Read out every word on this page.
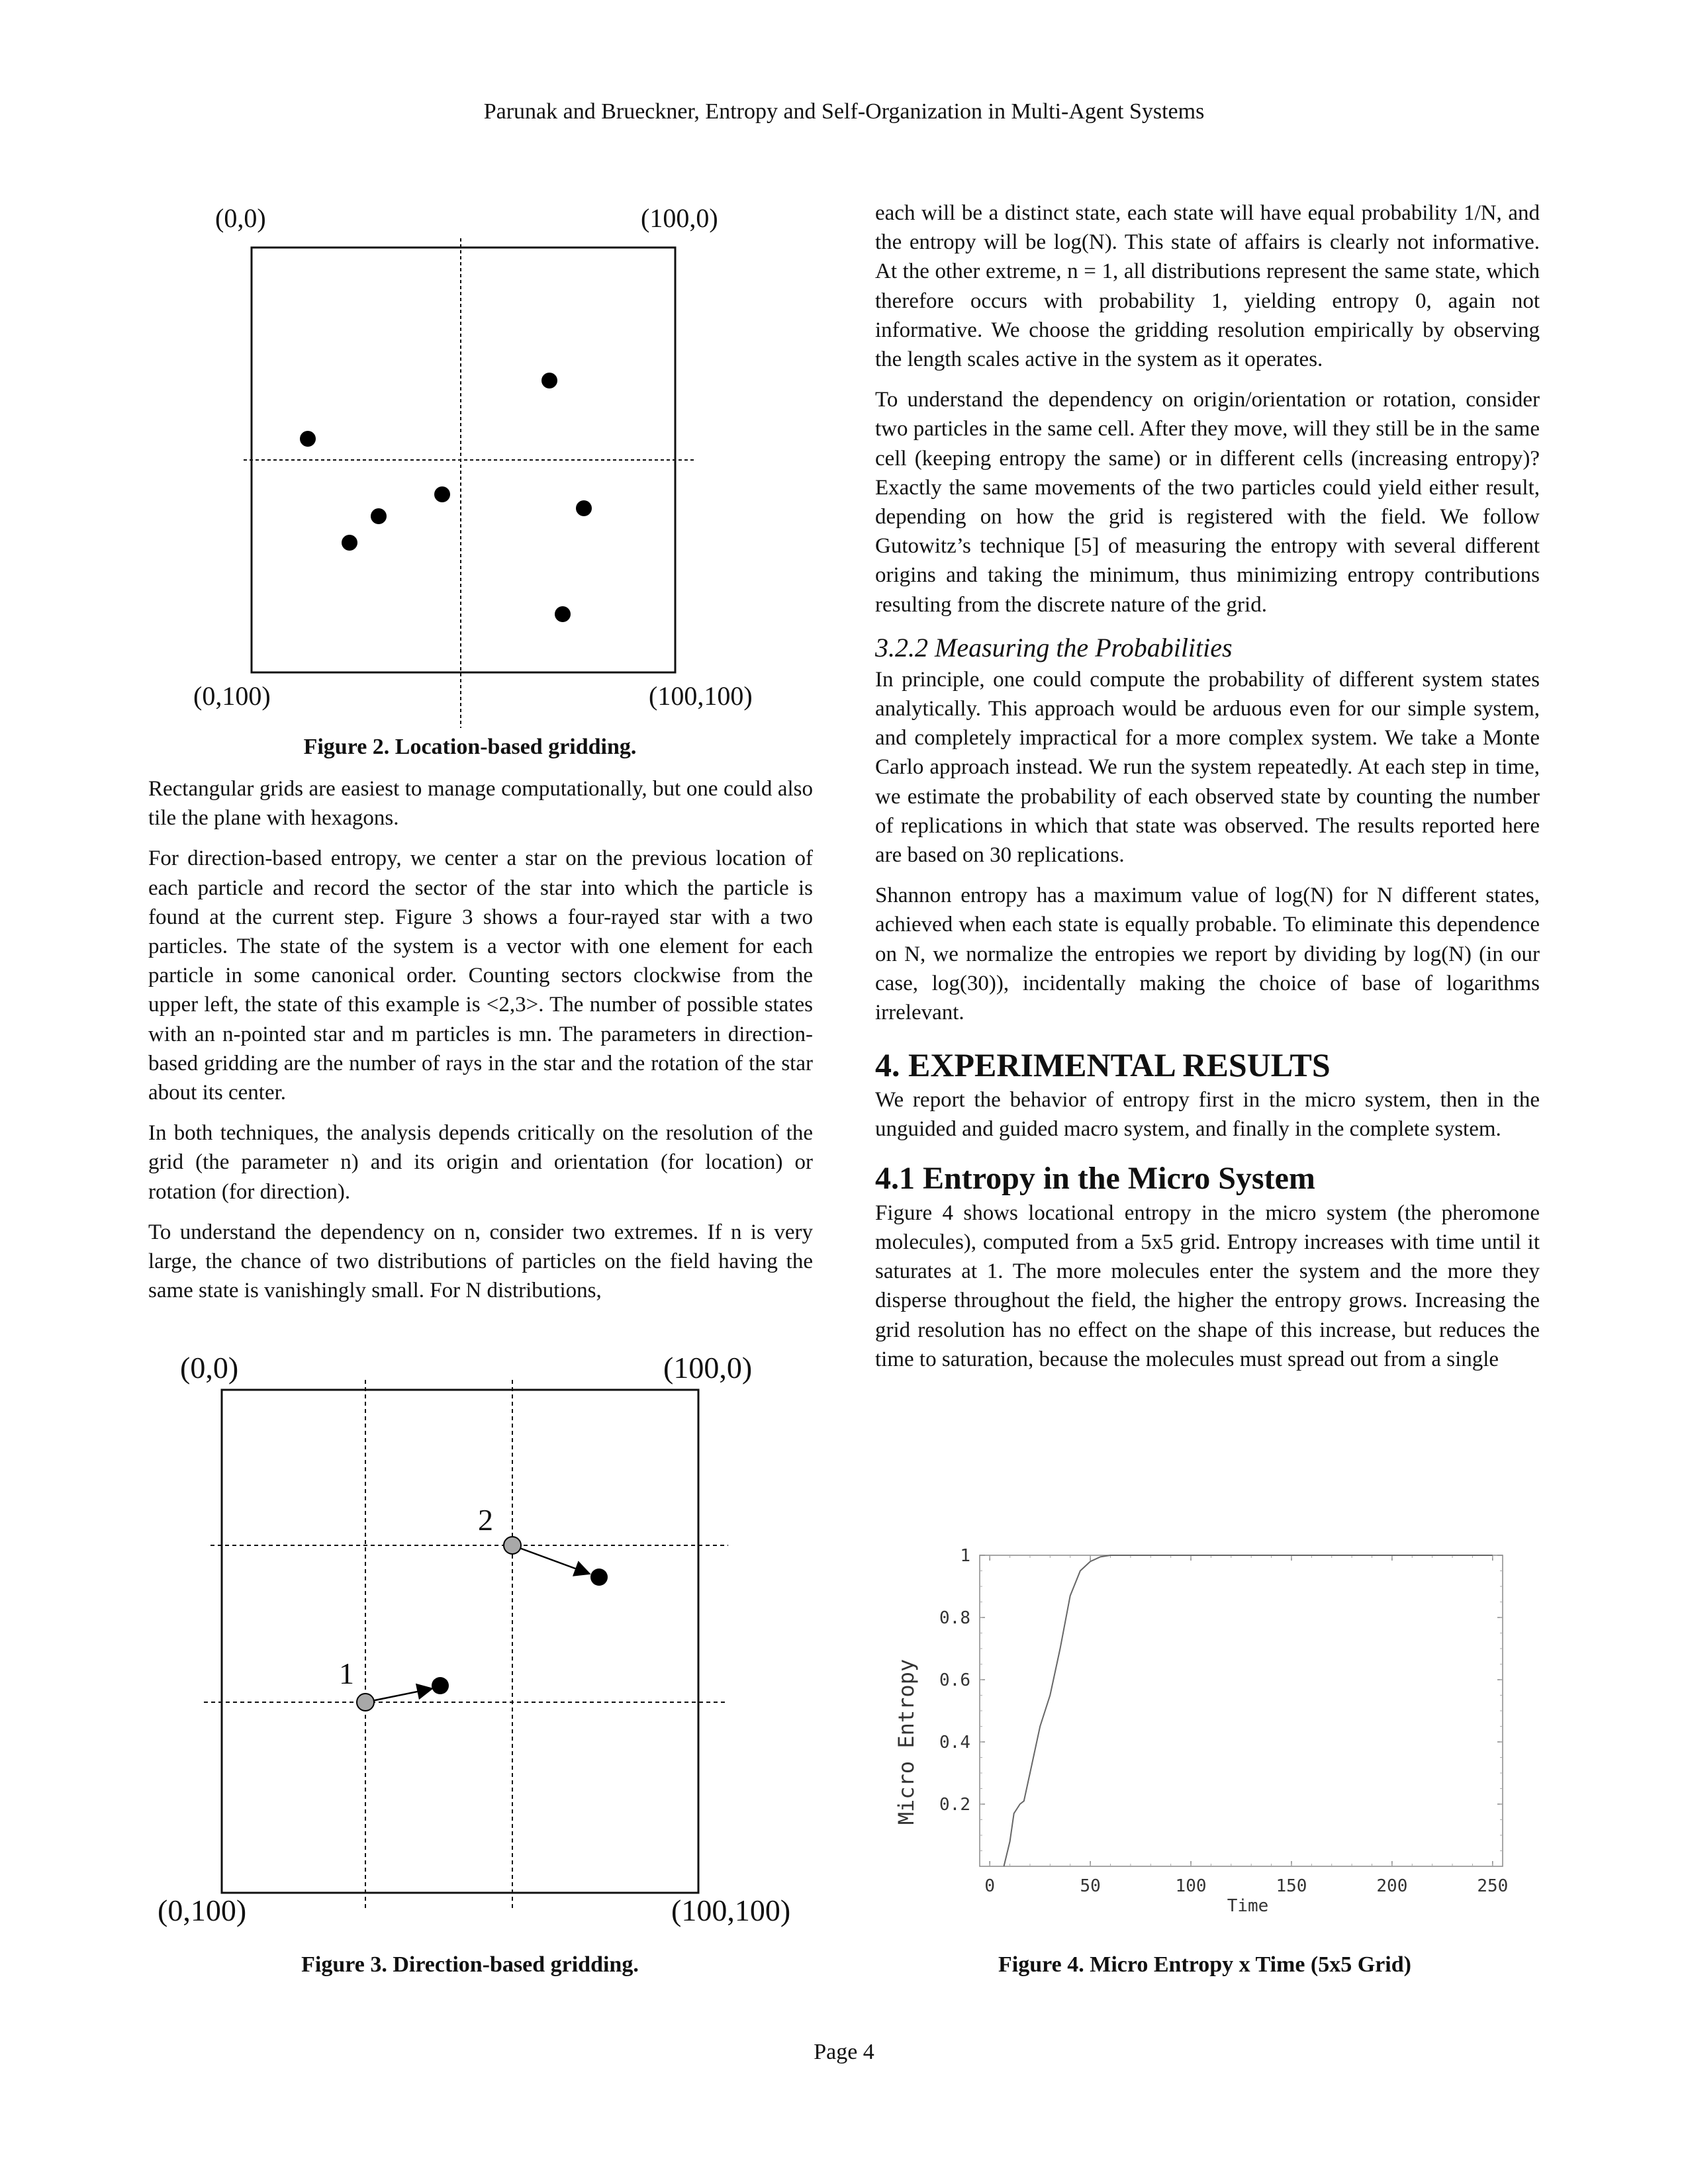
Parunak and Brueckner, Entropy and Self-Organization in Multi-Agent Systems
(0,0)	(100,0)
(0,100)	(100,100)
Figure 2. Location-based gridding.

Rectangular grids are easiest to manage computationally, but one could also tile the plane with hexagons.

For direction-based entropy, we center a star on the previous location of each particle and record the sector of the star into which the particle is found at the current step. Figure 3 shows a four-rayed star with a two particles. The state of the system is a vector with one element for each particle in some canonical order. Counting sectors clockwise from the upper left, the state of this example is <2,3>. The number of possible states with an n-pointed star and m particles is mn. The parameters in direction-based gridding are the number of rays in the star and the rotation of the star about its center.

In both techniques, the analysis depends critically on the resolution of the grid (the parameter n) and its origin and orientation (for location) or rotation (for direction).

To understand the dependency on n, consider two extremes. If n is very large, the chance of two distributions of particles on the field having the same state is vanishingly small. For N distributions,

(0,0)	(100,0)
(0,100)	(100,100)
2
1
Figure 3. Direction-based gridding.

each will be a distinct state, each state will have equal probability 1/N, and the entropy will be log(N). This state of affairs is clearly not informative. At the other extreme, n = 1, all distributions represent the same state, which therefore occurs with probability 1, yielding entropy 0, again not informative. We choose the gridding resolution empirically by observing the length scales active in the system as it operates.

To understand the dependency on origin/orientation or rotation, consider two particles in the same cell. After they move, will they still be in the same cell (keeping entropy the same) or in different cells (increasing entropy)? Exactly the same movements of the two particles could yield either result, depending on how the grid is registered with the field. We follow Gutowitz’s technique [5] of measuring the entropy with several different origins and taking the minimum, thus minimizing entropy contributions resulting from the discrete nature of the grid.

3.2.2 Measuring the Probabilities

In principle, one could compute the probability of different system states analytically. This approach would be arduous even for our simple system, and completely impractical for a more complex system. We take a Monte Carlo approach instead. We run the system repeatedly. At each step in time, we estimate the probability of each observed state by counting the number of replications in which that state was observed. The results reported here are based on 30 replications.

Shannon entropy has a maximum value of log(N) for N different states, achieved when each state is equally probable. To eliminate this dependence on N, we normalize the entropies we report by dividing by log(N) (in our case, log(30)), incidentally making the choice of base of logarithms irrelevant.

4. EXPERIMENTAL RESULTS

We report the behavior of entropy first in the micro system, then in the unguided and guided macro system, and finally in the complete system.

4.1 Entropy in the Micro System

Figure 4 shows locational entropy in the micro system (the pheromone molecules), computed from a 5x5 grid. Entropy increases with time until it saturates at 1. The more molecules enter the system and the more they disperse throughout the field, the higher the entropy grows. Increasing the grid resolution has no effect on the shape of this increase, but reduces the time to saturation, because the molecules must spread out from a single

0	50	100	150	200	250
0.2
0.4
0.6
0.8
1
Time
Micro Entropy
Figure 4. Micro Entropy x Time (5x5 Grid)
Page 4
